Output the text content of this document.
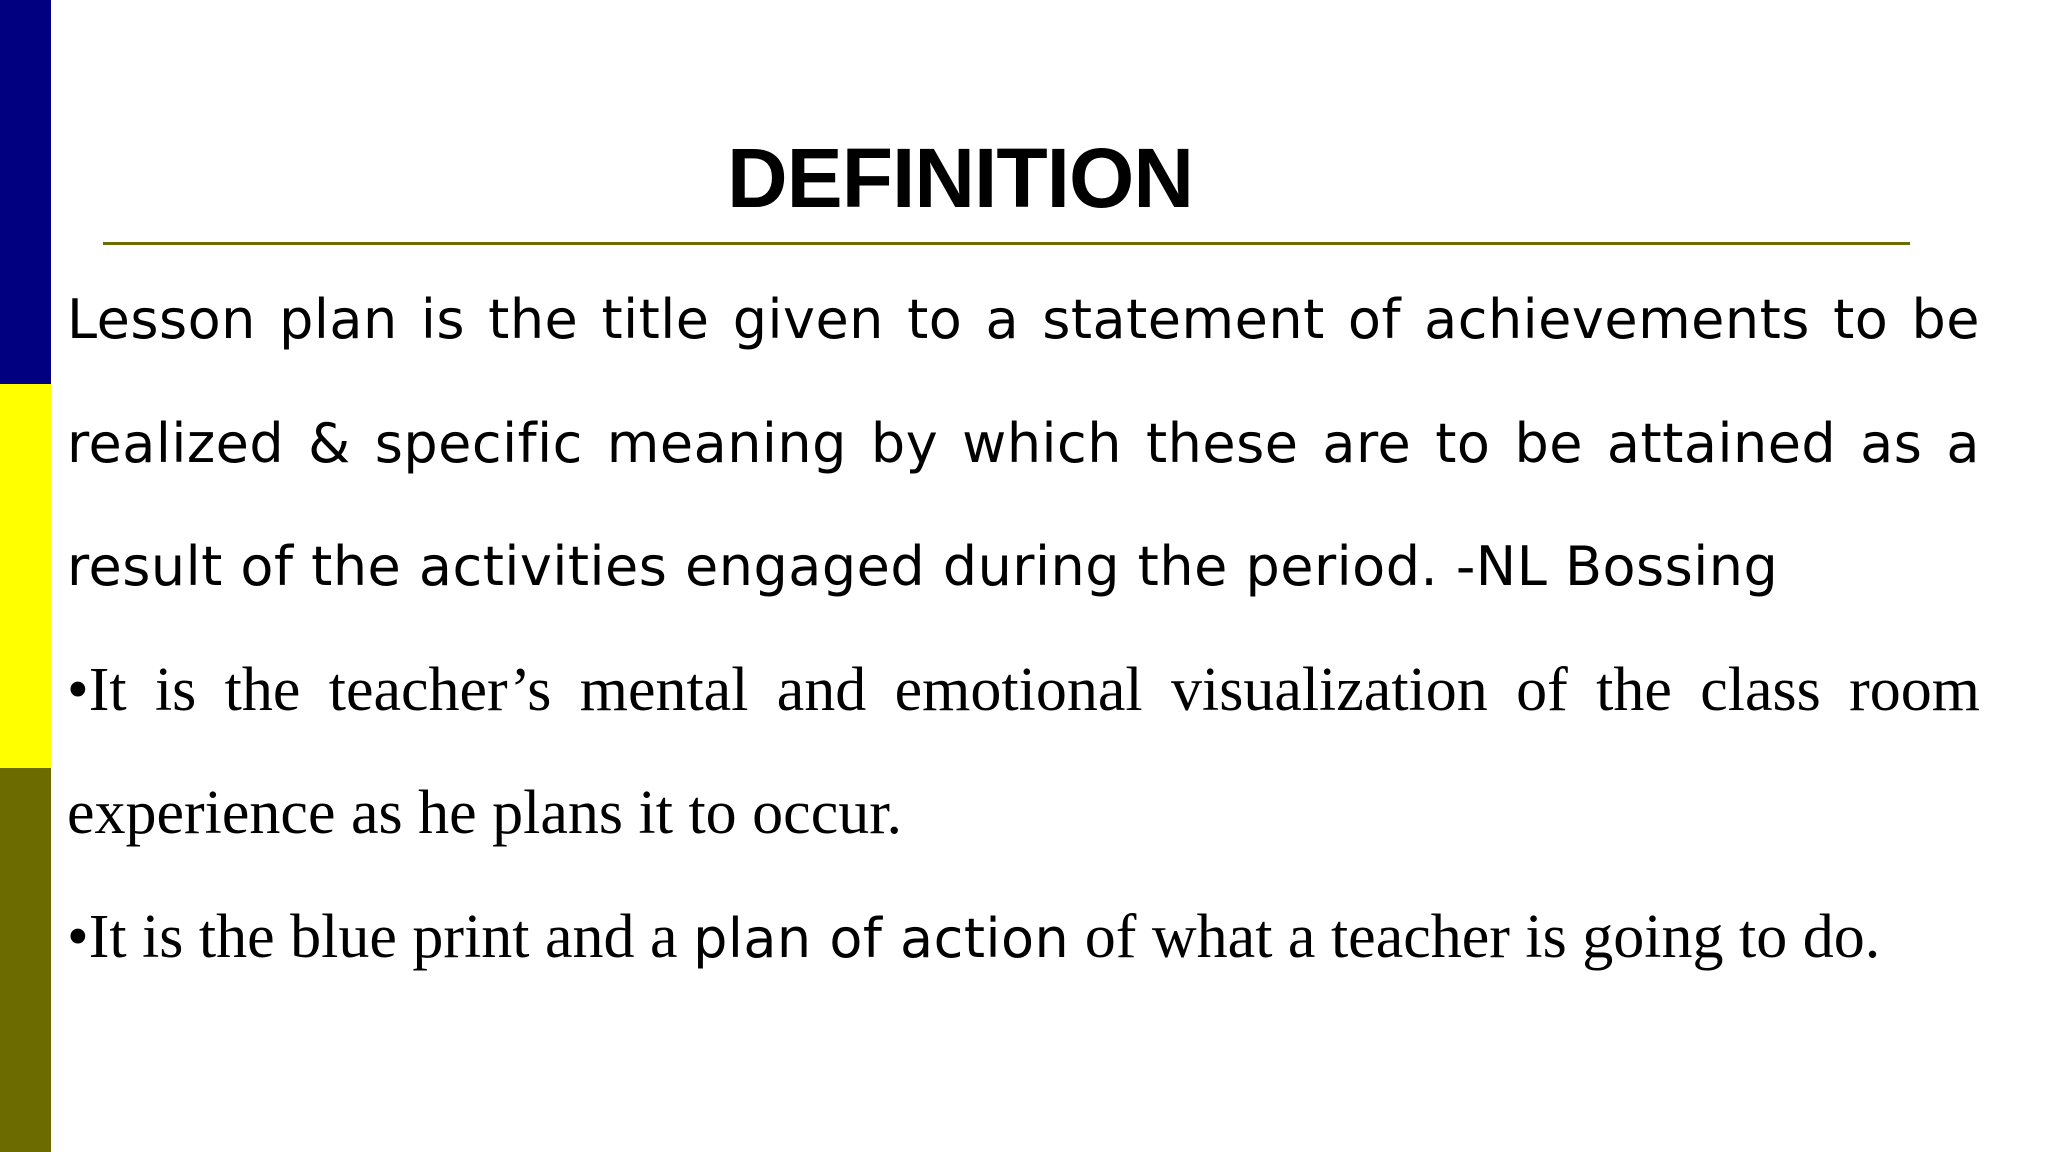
DEFINITION

Lesson plan is the title given to a statement of achievements to be realized & specific meaning by which these are to be attained as a result of the activities engaged during the period. -NL Bossing

•It is the teacher’s mental and emotional visualization of the class room experience as he plans it to occur.

•It is the blue print and a plan of action of what a teacher is going to do.
